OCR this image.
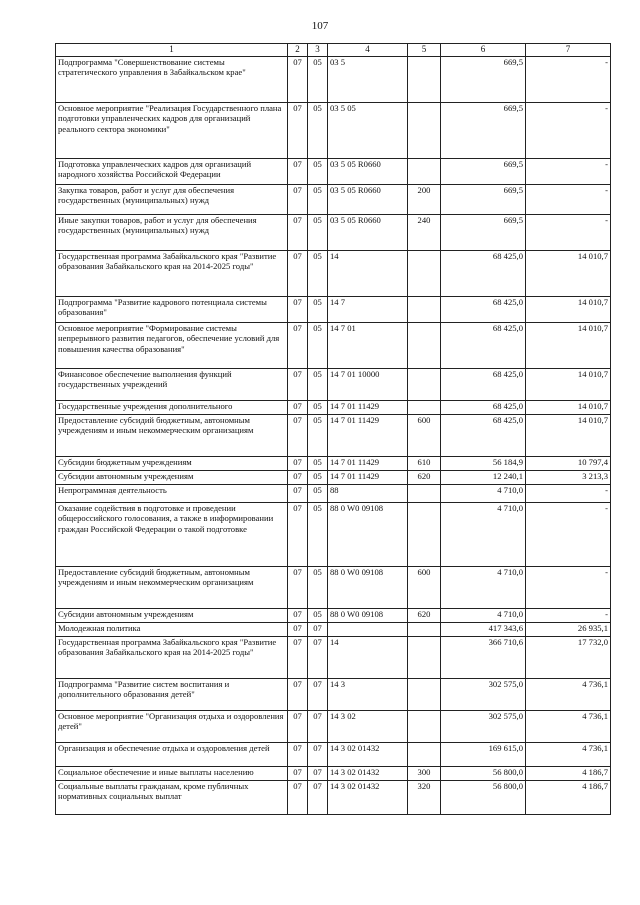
107
1	2	3	4	5	6	7
Подпрограмма "Совершенствование системы стратегического управления в Забайкальском крае"	07	05	03 5		669,5	-
Основное мероприятие "Реализация Государственного плана подготовки управленческих кадров для организаций реального сектора экономики"	07	05	03 5 05		669,5	-
Подготовка управленческих кадров для организаций народного хозяйства Российской Федерации	07	05	03 5 05 R0660		669,5	-
Закупка товаров, работ и услуг для обеспечения государственных (муниципальных) нужд	07	05	03 5 05 R0660	200	669,5	-
Иные закупки товаров, работ и услуг для обеспечения государственных (муниципальных) нужд	07	05	03 5 05 R0660	240	669,5	-
Государственная программа Забайкальского края "Развитие образования Забайкальского края на 2014-2025 годы"	07	05	14		68 425,0	14 010,7
Подпрограмма "Развитие кадрового потенциала системы образования"	07	05	14 7		68 425,0	14 010,7
Основное мероприятие "Формирование системы непрерывного развития педагогов, обеспечение условий для повышения качества образования"	07	05	14 7 01		68 425,0	14 010,7
Финансовое обеспечение выполнения функций государственных учреждений	07	05	14 7 01 10000		68 425,0	14 010,7
Государственные учреждения дополнительного	07	05	14 7 01 11429		68 425,0	14 010,7
Предоставление субсидий бюджетным, автономным учреждениям и иным некоммерческим организациям	07	05	14 7 01 11429	600	68 425,0	14 010,7
Субсидии бюджетным учреждениям	07	05	14 7 01 11429	610	56 184,9	10 797,4
Субсидии автономным учреждениям	07	05	14 7 01 11429	620	12 240,1	3 213,3
Непрограммная деятельность	07	05	88		4 710,0	-
Оказание содействия в подготовке и проведении общероссийского голосования, а также в информировании граждан Российской Федерации о такой подготовке	07	05	88 0 W0 09108		4 710,0	-
Предоставление субсидий бюджетным, автономным учреждениям и иным некоммерческим организациям	07	05	88 0 W0 09108	600	4 710,0	-
Субсидии автономным учреждениям	07	05	88 0 W0 09108	620	4 710,0	-
Молодежная политика	07	07			417 343,6	26 935,1
Государственная программа Забайкальского края "Развитие образования Забайкальского края на 2014-2025 годы"	07	07	14		366 710,6	17 732,0
Подпрограмма "Развитие систем воспитания и дополнительного образования детей"	07	07	14 3		302 575,0	4 736,1
Основное мероприятие "Организация отдыха и оздоровления детей"	07	07	14 3 02		302 575,0	4 736,1
Организация и обеспечение отдыха и оздоровления детей	07	07	14 3 02 01432		169 615,0	4 736,1
Социальное обеспечение и иные выплаты населению	07	07	14 3 02 01432	300	56 800,0	4 186,7
Социальные выплаты гражданам, кроме публичных нормативных социальных выплат	07	07	14 3 02 01432	320	56 800,0	4 186,7
